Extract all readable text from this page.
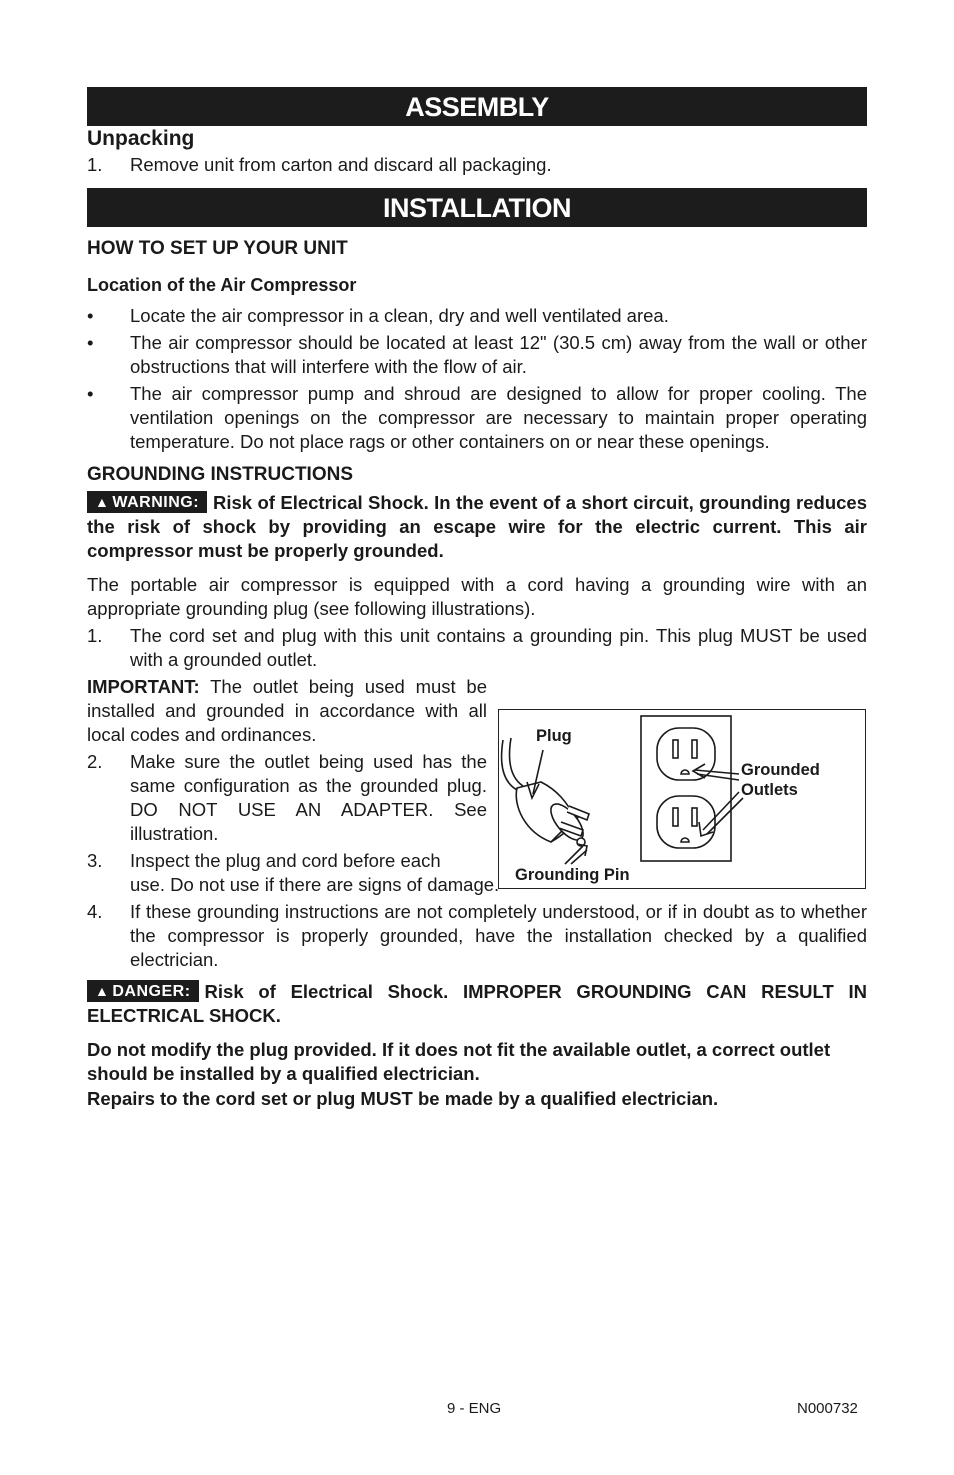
ASSEMBLY
Unpacking
1. Remove unit from carton and discard all packaging.
INSTALLATION
HOW TO SET UP YOUR UNIT
Location of the Air Compressor
• Locate the air compressor in a clean, dry and well ventilated area.
• The air compressor should be located at least 12" (30.5 cm) away from the wall or other obstructions that will interfere with the flow of air.
• The air compressor pump and shroud are designed to allow for proper cooling. The ventilation openings on the compressor are necessary to maintain proper operating temperature. Do not place rags or other containers on or near these openings.
GROUNDING INSTRUCTIONS
▲ WARNING: Risk of Electrical Shock. In the event of a short circuit, grounding reduces the risk of shock by providing an escape wire for the electric current. This air compressor must be properly grounded.
The portable air compressor is equipped with a cord having a grounding wire with an appropriate grounding plug (see following illustrations).
1. The cord set and plug with this unit contains a grounding pin. This plug MUST be used with a grounded outlet.
IMPORTANT: The outlet being used must be installed and grounded in accordance with all local codes and ordinances.
2. Make sure the outlet being used has the same configuration as the grounded plug. DO NOT USE AN ADAPTER. See illustration.
3. Inspect the plug and cord before each
use. Do not use if there are signs of damage.
4. If these grounding instructions are not completely understood, or if in doubt as to whether the compressor is properly grounded, have the installation checked by a qualified electrician.
▲ DANGER: Risk of Electrical Shock. IMPROPER GROUNDING CAN RESULT IN ELECTRICAL SHOCK.
Do not modify the plug provided. If it does not fit the available outlet, a correct outlet should be installed by a qualified electrician.
Repairs to the cord set or plug MUST be made by a qualified electrician.
Plug
Grounding Pin
Grounded
Outlets
9 - ENG	N000732
